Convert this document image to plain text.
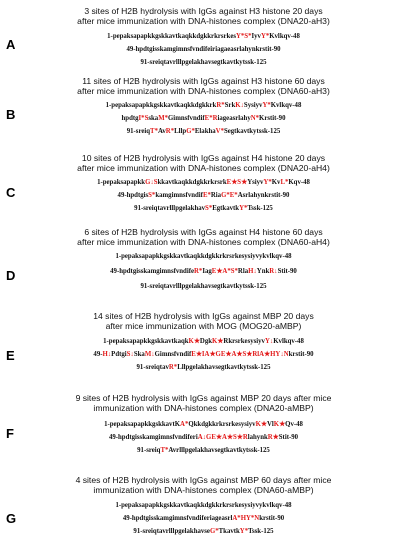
3 sites of H2B hydrolysis with IgGs against H3 histone 20 days
after mice immunization with DNA-histones complex (DNA20-aH3)
A
1-pepaksapapkkgskkavtkaqkkdgkkrkrsrkesY*S*IyvY*Kvlkqv-48
49-hpdtgisskamgimnsfvndifeiriagaeasrlahynkrstit-90
91-sreiqtavrlllpgelakhavsegtkavtkytssk-125
11 sites of H2B hydrolysis with IgGs against H3 histone 60 days
after mice immunization with DNA-histones complex (DNA60-aH3)
B
1-pepaksapapkkgskkavtkaqkkdgkkrkR*SrkK↓SysiyvY*Kvlkqv-48
hpdtgI*SskaM*GimnsfvndifE*RiageasrlahyN*Krstit-90
91-sreiqT*AvR*LllpG*ElakhaV*Segtkavtkytssk-125
10 sites of H2B hydrolysis with IgGs against H4 histone 20 days
after mice immunization with DNA-histones complex (DNA20-aH4)
C
1-pepaksapapkkG↓SkkavtkaqkkdgkkrkrsrkE★S★YsiyvY*KvL*Kqv-48
49-hpdtgisS*kamgimnsfvndifE*RiaG*E*Asrlahynkrstit-90
91-sreiqtavrlllpgelakhavS*EgtkavtkY*Tssk-125
6 sites of H2B hydrolysis with IgGs against H4 histone 60 days
after mice immunization with DNA-histones complex (DNA60-aH4)
D
1-pepaksapapkkgskkavtkaqkkdgkkrkrsrkesysiyvykvlkqv-48
49-hpdtgisskamgimnsfvndifeR*IagE★A*S*RlaH↓YnkR↓Stit-90
91-sreiqtavrlllpgelakhavsegtkavtkytssk-125
14 sites of H2B hydrolysis with IgGs against MBP 20 days
after mice immunization with MOG (MOG20-aMBP)
E
1-pepaksapapkkgskkavtkaqkK★DgkK★RkrsrkesysiyvY↓Kvlkqv-48
49-H↓PdtgiS↓SkaM↓GimnsfvndifE★IA★GE★A★S★RlA★HY↓Nkrstit-90
91-sreiqtavR*Lllpgelakhavsegtkavtkytssk-125
9 sites of H2B hydrolysis with IgGs against MBP 20 days after mice
immunization with DNA-histones complex (DNA20-aMBP)
F
1-pepaksapapkkgskkavtKA*QkkdgkkrkrsrkesysiyvK★VlK★Qv-48
49-hpdtgisskamgimnsfvndiferiA↓GE★A★S★RlahynkR★Stit-90
91-sreiqT*Avrlllpgelakhavsegtkavtkytssk-125
4 sites of H2B hydrolysis with IgGs against MBP 60 days after mice
immunization with DNA-histones complex (DNA60-aMBP)
G
1-pepaksapapkkgskkavtkaqkkdgkkrkrsrkesysiyvykvlkqv-48
49-hpdtgisskamgimnsfvndiferiageasrlA*HY*Nkrstit-90
91-sreiqtavrlllpgelakhavseG*TkavtkY*Tssk-125
